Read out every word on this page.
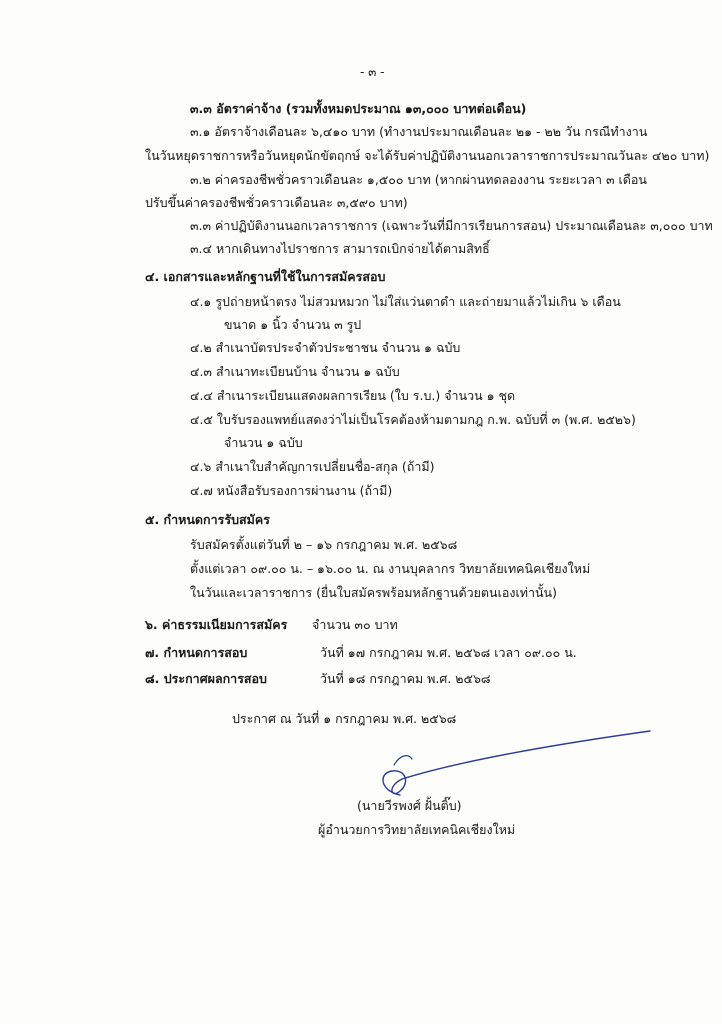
- ๓ -
๓.๓ อัตราค่าจ้าง (รวมทั้งหมดประมาณ ๑๓,๐๐๐ บาทต่อเดือน)
๓.๑ อัตราจ้างเดือนละ ๖,๔๑๐ บาท (ทำงานประมาณเดือนละ ๒๑ - ๒๒ วัน กรณีทำงาน
ในวันหยุดราชการหรือวันหยุดนักขัตฤกษ์ จะได้รับค่าปฏิบัติงานนอกเวลาราชการประมาณวันละ ๔๒๐ บาท)
๓.๒ ค่าครองชีพชั่วคราวเดือนละ ๑,๕๐๐ บาท (หากผ่านทดลองงาน ระยะเวลา ๓ เดือน
ปรับขึ้นค่าครองชีพชั่วคราวเดือนละ ๓,๕๙๐ บาท)
๓.๓ ค่าปฏิบัติงานนอกเวลาราชการ (เฉพาะวันที่มีการเรียนการสอน) ประมาณเดือนละ ๓,๐๐๐ บาท
๓.๔ หากเดินทางไปราชการ สามารถเบิกจ่ายได้ตามสิทธิ์
๔. เอกสารและหลักฐานที่ใช้ในการสมัครสอบ
๔.๑ รูปถ่ายหน้าตรง ไม่สวมหมวก ไม่ใส่แว่นตาดำ และถ่ายมาแล้วไม่เกิน ๖ เดือน
ขนาด ๑ นิ้ว จำนวน ๓ รูป
๔.๒ สำเนาบัตรประจำตัวประชาชน จำนวน ๑ ฉบับ
๔.๓ สำเนาทะเบียนบ้าน จำนวน ๑ ฉบับ
๔.๔ สำเนาระเบียนแสดงผลการเรียน (ใบ ร.บ.) จำนวน ๑ ชุด
๔.๕ ใบรับรองแพทย์แสดงว่าไม่เป็นโรคต้องห้ามตามกฎ ก.พ. ฉบับที่ ๓ (พ.ศ. ๒๕๒๖)
จำนวน ๑ ฉบับ
๔.๖ สำเนาใบสำคัญการเปลี่ยนชื่อ-สกุล (ถ้ามี)
๔.๗ หนังสือรับรองการผ่านงาน (ถ้ามี)
๕. กำหนดการรับสมัคร
รับสมัครตั้งแต่วันที่ ๒ – ๑๖ กรกฎาคม พ.ศ. ๒๕๖๘
ตั้งแต่เวลา ๐๙.๐๐ น. – ๑๖.๐๐ น. ณ งานบุคลากร วิทยาลัยเทคนิคเชียงใหม่
ในวันและเวลาราชการ (ยื่นใบสมัครพร้อมหลักฐานด้วยตนเองเท่านั้น)
๖. ค่าธรรมเนียมการสมัคร จำนวน ๓๐ บาท
๗. กำหนดการสอบ	วันที่ ๑๗ กรกฎาคม พ.ศ. ๒๕๖๘ เวลา ๐๙.๐๐ น.
๘. ประกาศผลการสอบ	วันที่ ๑๘ กรกฎาคม พ.ศ. ๒๕๖๘
ประกาศ ณ วันที่ ๑ กรกฎาคม พ.ศ. ๒๕๖๘
(นายวีรพงศ์ ฝั้นติ๊บ)
ผู้อำนวยการวิทยาลัยเทคนิคเชียงใหม่
